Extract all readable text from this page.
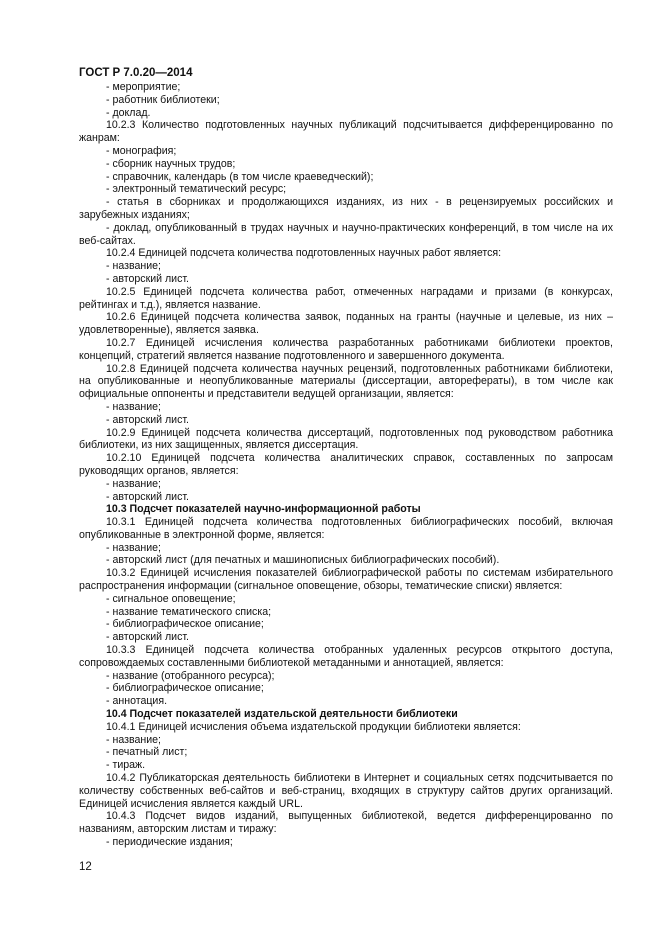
ГОСТ Р 7.0.20—2014

- мероприятие;

- работник библиотеки;

- доклад.

10.2.3 Количество подготовленных научных публикаций подсчитывается дифференцированно по жанрам:

- монография;

- сборник научных трудов;

- справочник, календарь (в том числе краеведческий);

- электронный тематический ресурс;

- статья в сборниках и продолжающихся изданиях, из них - в рецензируемых российских и зарубежных изданиях;

- доклад, опубликованный в трудах научных и научно-практических конференций, в том числе на их веб-сайтах.

10.2.4 Единицей подсчета количества подготовленных научных работ является:

- название;

- авторский лист.

10.2.5 Единицей подсчета количества работ, отмеченных наградами и призами (в конкурсах, рейтингах и т.д.), является название.

10.2.6 Единицей подсчета количества заявок, поданных на гранты (научные и целевые, из них – удовлетворенные), является заявка.

10.2.7 Единицей исчисления количества разработанных работниками библиотеки проектов, концепций, стратегий является название подготовленного и завершенного документа.

10.2.8 Единицей подсчета количества научных рецензий, подготовленных работниками библиотеки, на опубликованные и неопубликованные материалы (диссертации, авторефераты), в том числе как официальные оппоненты и представители ведущей организации, является:

- название;

- авторский лист.

10.2.9 Единицей подсчета количества диссертаций, подготовленных под руководством работника библиотеки, из них защищенных, является диссертация.

10.2.10 Единицей подсчета количества аналитических справок, составленных по запросам руководящих органов, является:

- название;

- авторский лист.

10.3 Подсчет показателей научно-информационной работы

10.3.1 Единицей подсчета количества подготовленных библиографических пособий, включая опубликованные в электронной форме, является:

- название;

- авторский лист (для печатных и машинописных библиографических пособий).

10.3.2 Единицей исчисления показателей библиографической работы по системам избирательного распространения информации (сигнальное оповещение, обзоры, тематические списки) является:

- сигнальное оповещение;

- название тематического списка;

- библиографическое описание;

- авторский лист.

10.3.3 Единицей подсчета количества отобранных удаленных ресурсов открытого доступа, сопровождаемых составленными библиотекой метаданными и аннотацией, является:

- название (отобранного ресурса);

- библиографическое описание;

- аннотация.

10.4 Подсчет показателей издательской деятельности библиотеки

10.4.1 Единицей исчисления объема издательской продукции библиотеки является:

- название;

- печатный лист;

- тираж.

10.4.2 Публикаторская деятельность библиотеки в Интернет и социальных сетях подсчитывается по количеству собственных веб-сайтов и веб-страниц, входящих в структуру сайтов других организаций. Единицей исчисления является каждый URL.

10.4.3 Подсчет видов изданий, выпущенных библиотекой, ведется дифференцированно по названиям, авторским листам и тиражу:

- периодические издания;

12
